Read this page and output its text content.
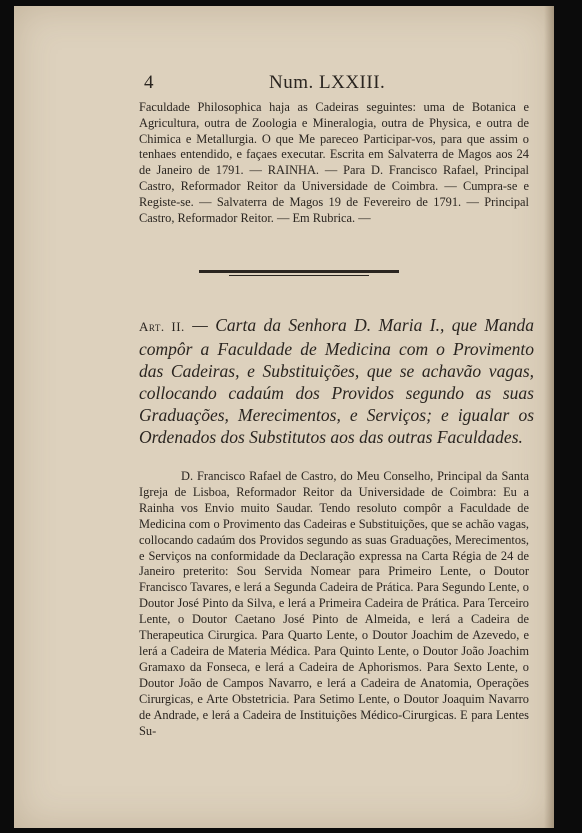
4	Num. LXXIII.

Faculdade Philosophica haja as Cadeiras seguintes: uma de Botanica e Agricultura, outra de Zoologia e Mineralogia, outra de Physica, e outra de Chimica e Metallurgia. O que Me pareceo Participar-vos, para que assim o tenhaes entendido, e façaes executar. Escrita em Salvaterra de Magos aos 24 de Janeiro de 1791. — RAINHA. — Para D. Francisco Rafael, Principal Castro, Reformador Reitor da Universidade de Coimbra. — Cumpra-se e Registe-se. — Salvaterra de Magos 19 de Fevereiro de 1791. — Principal Castro, Reformador Reitor. — Em Rubrica. —

Art. II. — Carta da Senhora D. Maria I., que Manda compôr a Faculdade de Medicina com o Provimento das Cadeiras, e Substituições, que se achavão vagas, collocando cadaúm dos Providos segundo as suas Graduações, Merecimentos, e Serviços; e igualar os Ordenados dos Substitutos aos das outras Faculdades.

D. Francisco Rafael de Castro, do Meu Conselho, Principal da Santa Igreja de Lisboa, Reformador Reitor da Universidade de Coimbra: Eu a Rainha vos Envio muito Saudar. Tendo resoluto compôr a Faculdade de Medicina com o Provimento das Cadeiras e Substituições, que se achão vagas, collocando cadaúm dos Providos segundo as suas Graduações, Merecimentos, e Serviços na conformidade da Declaração expressa na Carta Régia de 24 de Janeiro preterito: Sou Servida Nomear para Primeiro Lente, o Doutor Francisco Tavares, e lerá a Segunda Cadeira de Prática. Para Segundo Lente, o Doutor José Pinto da Silva, e lerá a Primeira Cadeira de Prática. Para Terceiro Lente, o Doutor Caetano José Pinto de Almeida, e lerá a Cadeira de Therapeutica Cirurgica. Para Quarto Lente, o Doutor Joachim de Azevedo, e lerá a Cadeira de Materia Médica. Para Quinto Lente, o Doutor João Joachim Gramaxo da Fonseca, e lerá a Cadeira de Aphorismos. Para Sexto Lente, o Doutor João de Campos Navarro, e lerá a Cadeira de Anatomia, Operações Cirurgicas, e Arte Obstetricia. Para Setimo Lente, o Doutor Joaquim Navarro de Andrade, e lerá a Cadeira de Instituições Médico-Cirurgicas. E para Lentes Su-
